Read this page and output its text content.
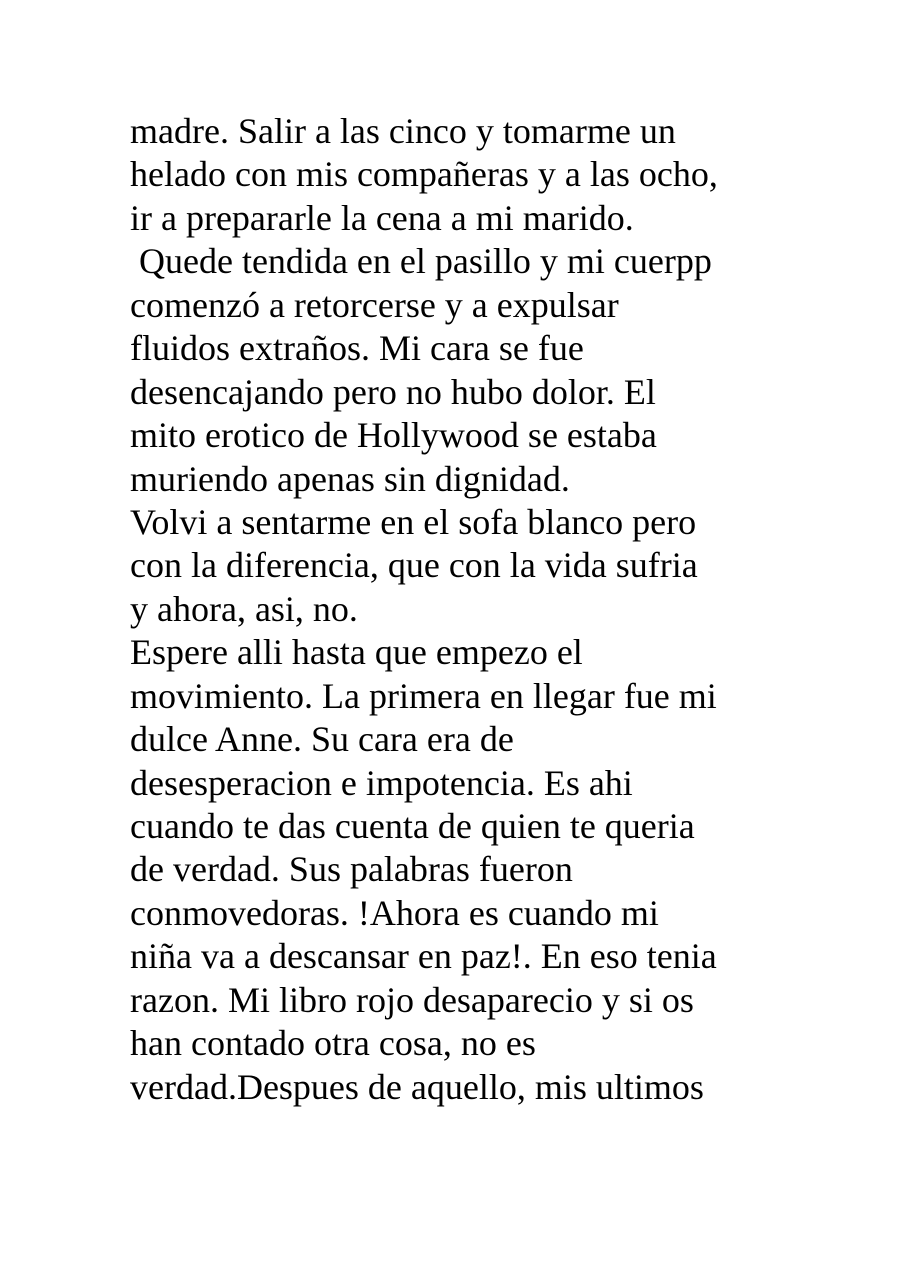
madre. Salir a las cinco y tomarme un
helado con mis compañeras y a las ocho,
ir a prepararle la cena a mi marido.
Quede tendida en el pasillo y mi cuerpp
comenzó a retorcerse y a expulsar
fluidos extraños. Mi cara se fue
desencajando pero no hubo dolor. El
mito erotico de Hollywood se estaba
muriendo apenas sin dignidad.
Volvi a sentarme en el sofa blanco pero
con la diferencia, que con la vida sufria
y ahora, asi, no.
Espere alli hasta que empezo el
movimiento. La primera en llegar fue mi
dulce Anne. Su cara era de
desesperacion e impotencia. Es ahi
cuando te das cuenta de quien te queria
de verdad. Sus palabras fueron
conmovedoras. !Ahora es cuando mi
niña va a descansar en paz!. En eso tenia
razon. Mi libro rojo desaparecio y si os
han contado otra cosa, no es
verdad.Despues de aquello, mis ultimos
